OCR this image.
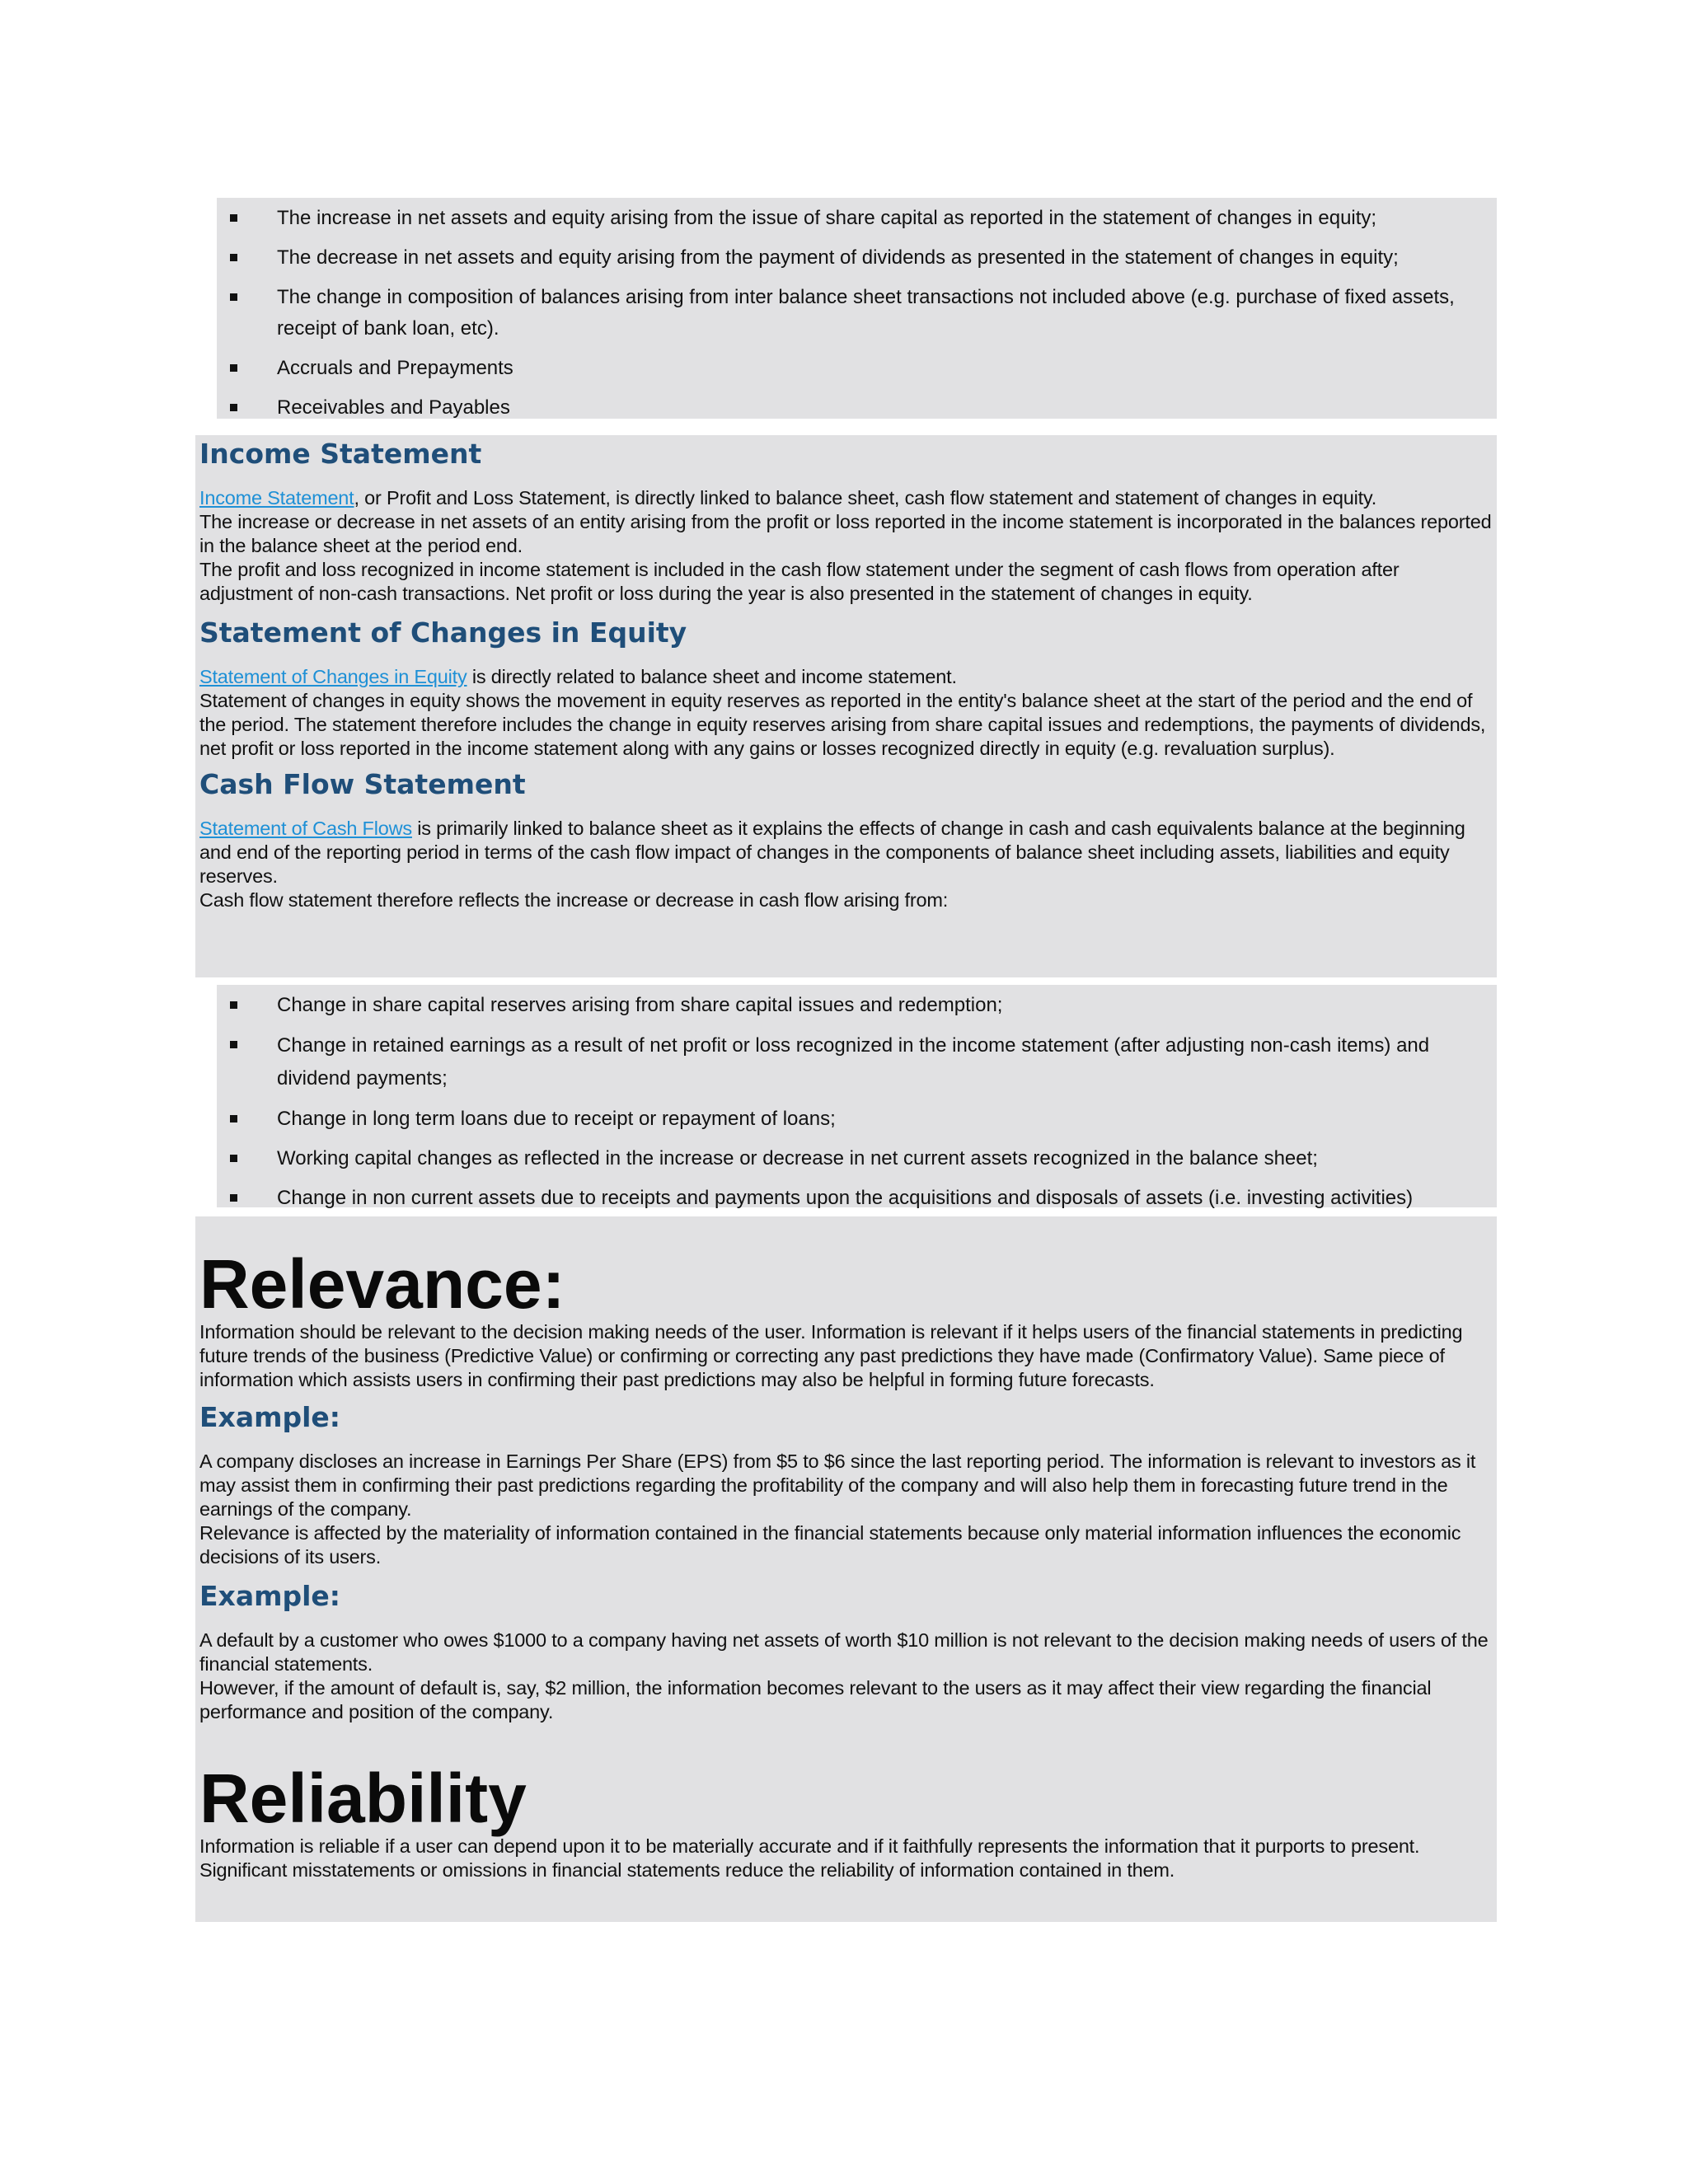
The increase in net assets and equity arising from the issue of share capital as reported in the statement of changes in equity;
The decrease in net assets and equity arising from the payment of dividends as presented in the statement of changes in equity;
The change in composition of balances arising from inter balance sheet transactions not included above (e.g. purchase of fixed assets, receipt of bank loan, etc).
Accruals and Prepayments
Receivables and Payables
Income Statement

Income Statement, or Profit and Loss Statement, is directly linked to balance sheet, cash flow statement and statement of changes in equity.

The increase or decrease in net assets of an entity arising from the profit or loss reported in the income statement is incorporated in the balances reported in the balance sheet at the period end.

The profit and loss recognized in income statement is included in the cash flow statement under the segment of cash flows from operation after adjustment of non-cash transactions. Net profit or loss during the year is also presented in the statement of changes in equity.

Statement of Changes in Equity

Statement of Changes in Equity is directly related to balance sheet and income statement.

Statement of changes in equity shows the movement in equity reserves as reported in the entity's balance sheet at the start of the period and the end of the period. The statement therefore includes the change in equity reserves arising from share capital issues and redemptions, the payments of dividends, net profit or loss reported in the income statement along with any gains or losses recognized directly in equity (e.g. revaluation surplus).

Cash Flow Statement

Statement of Cash Flows is primarily linked to balance sheet as it explains the effects of change in cash and cash equivalents balance at the beginning and end of the reporting period in terms of the cash flow impact of changes in the components of balance sheet including assets, liabilities and equity reserves.

Cash flow statement therefore reflects the increase or decrease in cash flow arising from:

Change in share capital reserves arising from share capital issues and redemption;
Change in retained earnings as a result of net profit or loss recognized in the income statement (after adjusting non-cash items) and dividend payments;
Change in long term loans due to receipt or repayment of loans;
Working capital changes as reflected in the increase or decrease in net current assets recognized in the balance sheet;
Change in non current assets due to receipts and payments upon the acquisitions and disposals of assets (i.e. investing activities)
Relevance:

Information should be relevant to the decision making needs of the user. Information is relevant if it helps users of the financial statements in predicting future trends of the business (Predictive Value) or confirming or correcting any past predictions they have made (Confirmatory Value). Same piece of information which assists users in confirming their past predictions may also be helpful in forming future forecasts.

Example:

A company discloses an increase in Earnings Per Share (EPS) from $5 to $6 since the last reporting period. The information is relevant to investors as it may assist them in confirming their past predictions regarding the profitability of the company and will also help them in forecasting future trend in the earnings of the company.

Relevance is affected by the materiality of information contained in the financial statements because only material information influences the economic decisions of its users.

Example:

A default by a customer who owes $1000 to a company having net assets of worth $10 million is not relevant to the decision making needs of users of the financial statements.

However, if the amount of default is, say, $2 million, the information becomes relevant to the users as it may affect their view regarding the financial performance and position of the company.

Reliability

Information is reliable if a user can depend upon it to be materially accurate and if it faithfully represents the information that it purports to present. Significant misstatements or omissions in financial statements reduce the reliability of information contained in them.
